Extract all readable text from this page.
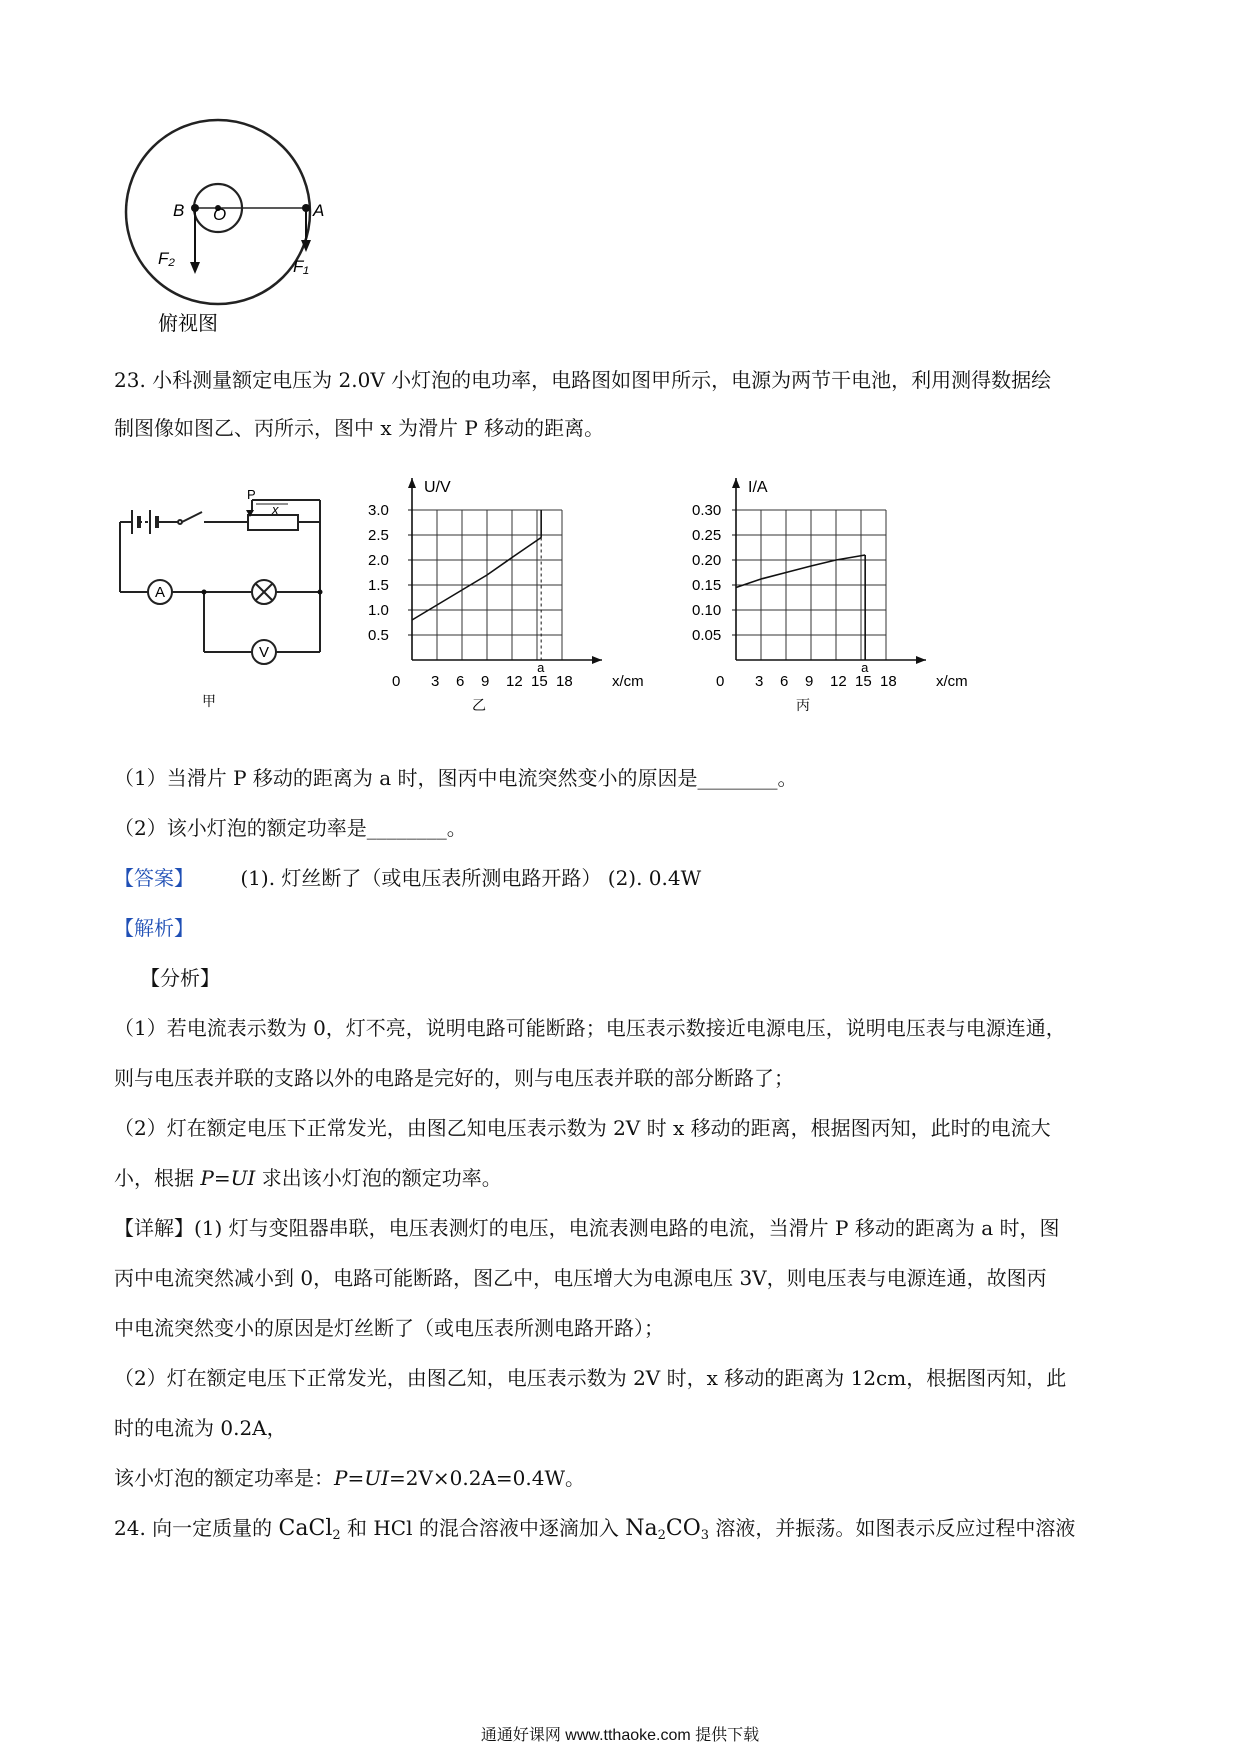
B O	A
F₂	F₁
俯视图
23. 小科测量额定电压为 2.0V 小灯泡的电功率，电路图如图甲所示，电源为两节干电池，利用测得数据绘
制图像如图乙、丙所示，图中 x 为滑片 P 移动的距离。
P
x
A
V
甲
0 3 6 9 12 15 18
0.5
1.0
1.5
2.0
2.5
3.0
U/V
x/cm
a
乙
0 3 6 9 12 15 18
0.05
0.10
0.15
0.20
0.25
0.30
I/A
x/cm
a
丙
（1）当滑片 P 移动的距离为 a 时，图丙中电流突然变小的原因是________。
（2）该小灯泡的额定功率是________。
【答案】 (1). 灯丝断了（或电压表所测电路开路） (2). 0.4W
【解析】
【分析】
（1）若电流表示数为 0，灯不亮，说明电路可能断路；电压表示数接近电源电压，说明电压表与电源连通，
则与电压表并联的支路以外的电路是完好的，则与电压表并联的部分断路了；
（2）灯在额定电压下正常发光，由图乙知电压表示数为 2V 时 x 移动的距离，根据图丙知，此时的电流大
小，根据 P=UI 求出该小灯泡的额定功率。
【详解】(1) 灯与变阻器串联，电压表测灯的电压，电流表测电路的电流，当滑片 P 移动的距离为 a 时，图
丙中电流突然减小到 0，电路可能断路，图乙中，电压增大为电源电压 3V，则电压表与电源连通，故图丙
中电流突然变小的原因是灯丝断了（或电压表所测电路开路）；
（2）灯在额定电压下正常发光，由图乙知，电压表示数为 2V 时，x 移动的距离为 12cm，根据图丙知，此
时的电流为 0.2A，
该小灯泡的额定功率是：P=UI=2V×0.2A=0.4W。
24. 向一定质量的 CaCl$_2$ 和 HCl 的混合溶液中逐滴加入 $Na_2CO_3$ 溶液，并振荡。如图表示反应过程中溶液
通通好课网 www.tthaoke.com 提供下载
